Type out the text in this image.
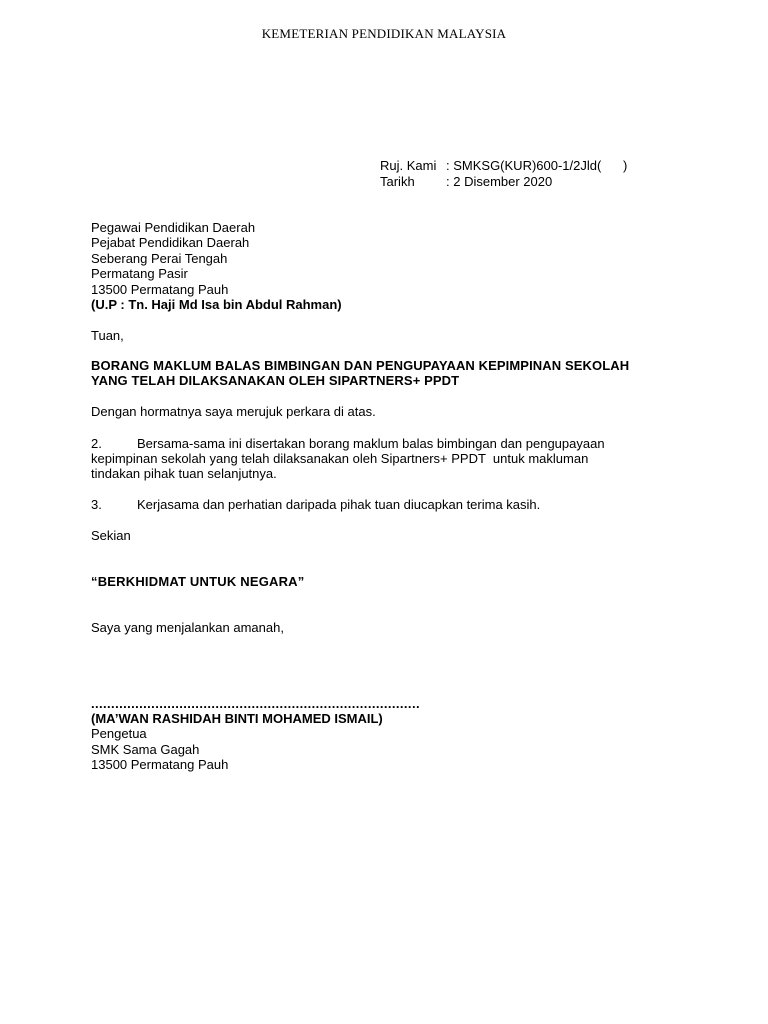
KEMETERIAN PENDIDIKAN MALAYSIA
Ruj. Kami : SMKSG(KUR)600-1/2Jld(      )
Tarikh	: 2 Disember 2020
Pegawai Pendidikan Daerah
Pejabat Pendidikan Daerah
Seberang Perai Tengah
Permatang Pasir
13500 Permatang Pauh
(U.P : Tn. Haji Md Isa bin Abdul Rahman)
Tuan,
BORANG MAKLUM BALAS BIMBINGAN DAN PENGUPAYAAN KEPIMPINAN SEKOLAH
YANG TELAH DILAKSANAKAN OLEH SIPARTNERS+ PPDT
Dengan hormatnya saya merujuk perkara di atas.
2.	Bersama-sama ini disertakan borang maklum balas bimbingan dan pengupayaan
kepimpinan sekolah yang telah dilaksanakan oleh Sipartners+ PPDT  untuk makluman
tindakan pihak tuan selanjutnya.
3.	Kerjasama dan perhatian daripada pihak tuan diucapkan terima kasih.
Sekian
“BERKHIDMAT UNTUK NEGARA”
Saya yang menjalankan amanah,
..................................................................................
(MA’WAN RASHIDAH BINTI MOHAMED ISMAIL)
Pengetua
SMK Sama Gagah
13500 Permatang Pauh
